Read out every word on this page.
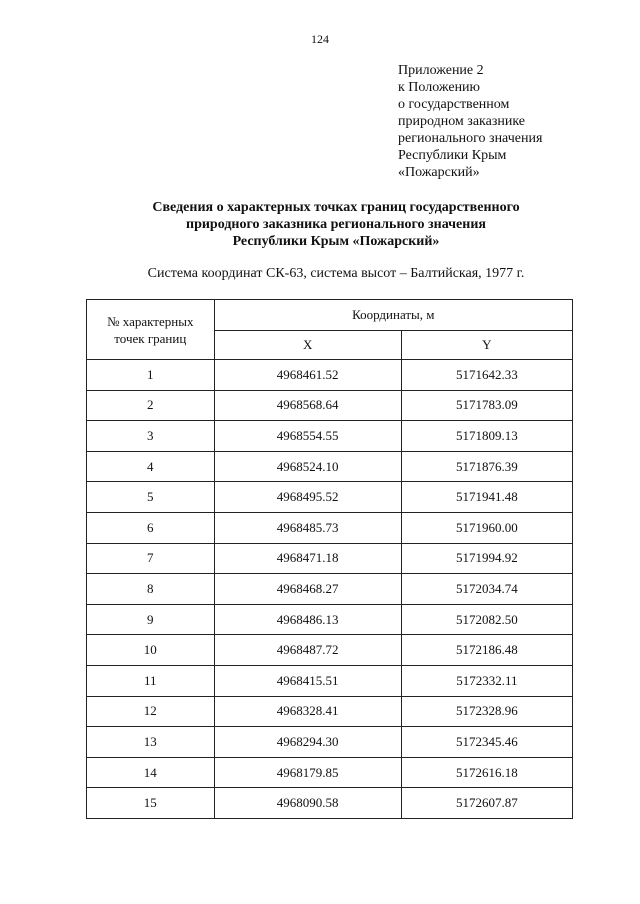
124
Приложение 2
к Положению
о государственном
природном заказнике
регионального значения
Республики Крым
«Пожарский»
Сведения о характерных точках границ государственного
природного заказника регионального значения
Республики Крым «Пожарский»
Система координат СК-63, система высот – Балтийская, 1977 г.
№ характерных
точек границ	Координаты, м	
	X	Y
1	4968461.52	5171642.33
2	4968568.64	5171783.09
3	4968554.55	5171809.13
4	4968524.10	5171876.39
5	4968495.52	5171941.48
6	4968485.73	5171960.00
7	4968471.18	5171994.92
8	4968468.27	5172034.74
9	4968486.13	5172082.50
10	4968487.72	5172186.48
11	4968415.51	5172332.11
12	4968328.41	5172328.96
13	4968294.30	5172345.46
14	4968179.85	5172616.18
15	4968090.58	5172607.87
